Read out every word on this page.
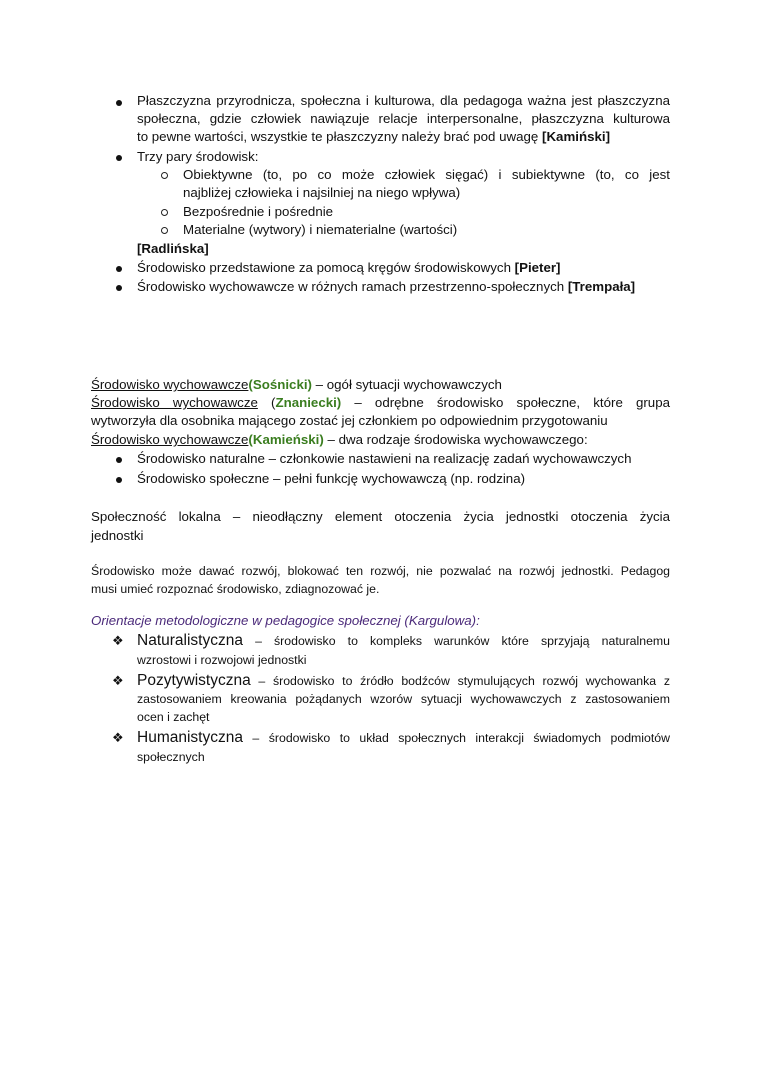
Płaszczyzna przyrodnicza, społeczna i kulturowa, dla pedagoga ważna jest płaszczyzna
społeczna, gdzie człowiek nawiązuje relacje interpersonalne, płaszczyzna kulturowa
to pewne wartości, wszystkie te płaszczyzny należy brać pod uwagę [Kamiński]
Trzy pary środowisk:
Obiektywne (to, po co może człowiek sięgać) i subiektywne (to, co jest
najbliżej człowieka i najsilniej na niego wpływa)
Bezpośrednie i pośrednie
Materialne (wytwory) i niematerialne (wartości)
[Radlińska]
Środowisko przedstawione za pomocą kręgów środowiskowych [Pieter]
Środowisko wychowawcze w różnych ramach przestrzenno-społecznych [Trempała]
Środowisko wychowawcze(Sośnicki) – ogół sytuacji wychowawczych
Środowisko wychowawcze (Znaniecki) – odrębne środowisko społeczne, które grupa
wytworzyła dla osobnika mającego zostać jej członkiem po odpowiednim przygotowaniu
Środowisko wychowawcze(Kamieński) – dwa rodzaje środowiska wychowawczego:
Środowisko naturalne – członkowie nastawieni na realizację zadań wychowawczych
Środowisko społeczne – pełni funkcję wychowawczą (np. rodzina)
Społeczność lokalna – nieodłączny element otoczenia życia jednostki otoczenia życia
jednostki
Środowisko może dawać rozwój, blokować ten rozwój, nie pozwalać na rozwój jednostki. Pedagog
musi umieć rozpoznać środowisko, zdiagnozować je.
Orientacje metodologiczne w pedagogice społecznej (Kargulowa):
❖ Naturalistyczna – środowisko to kompleks warunków które sprzyjają naturalnemu
wzrostowi i rozwojowi jednostki
❖ Pozytywistyczna – środowisko to źródło bodźców stymulujących rozwój wychowanka z
zastosowaniem kreowania pożądanych wzorów sytuacji wychowawczych z zastosowaniem
ocen i zachęt
❖ Humanistyczna – środowisko to układ społecznych interakcji świadomych podmiotów
społecznych
